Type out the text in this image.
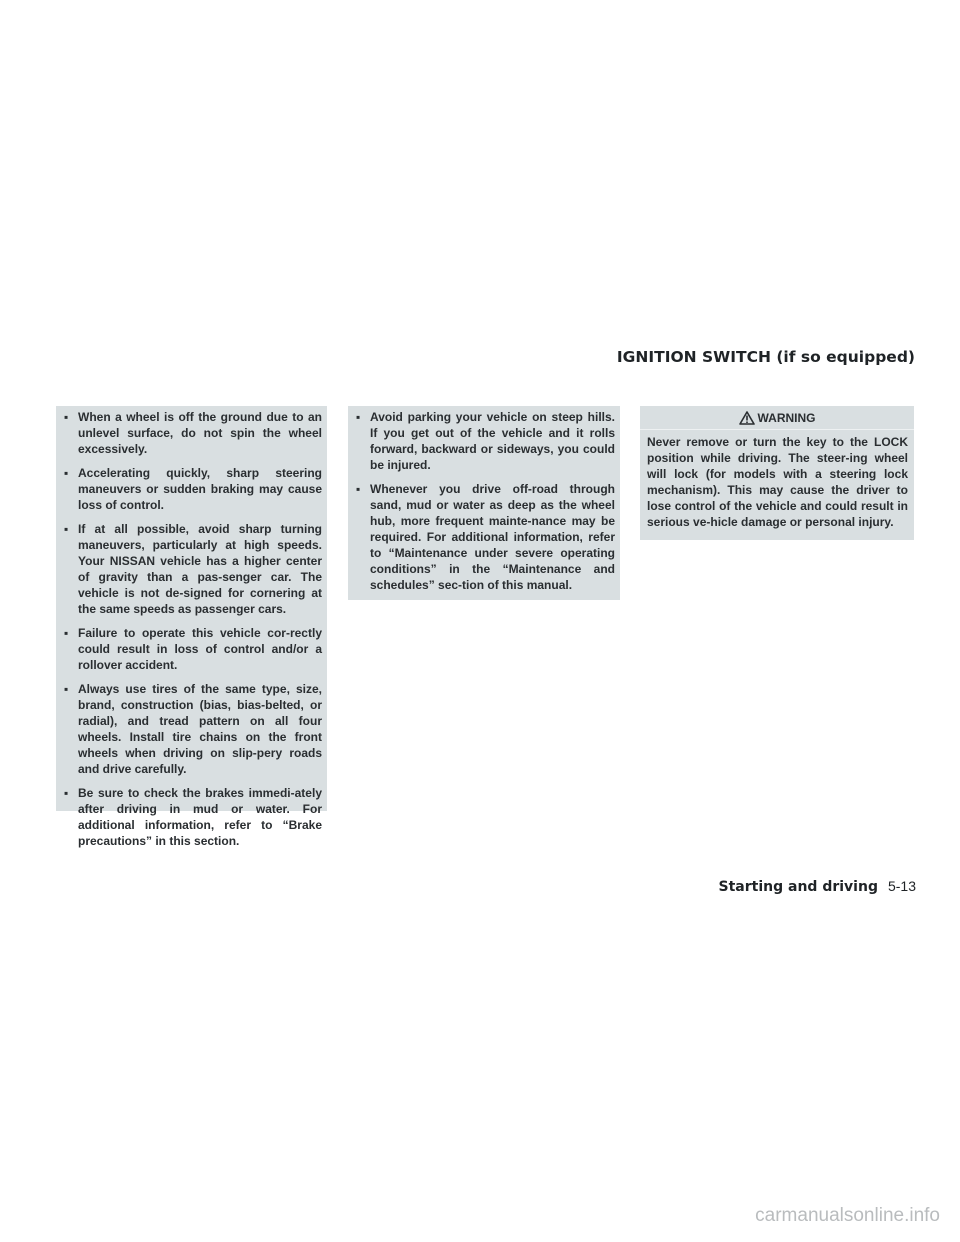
IGNITION SWITCH (if so equipped)
▪ When a wheel is off the ground due to an unlevel surface, do not spin the wheel excessively.
▪ Accelerating quickly, sharp steering maneuvers or sudden braking may cause loss of control.
▪ If at all possible, avoid sharp turning maneuvers, particularly at high speeds. Your NISSAN vehicle has a higher center of gravity than a pas-senger car. The vehicle is not de-signed for cornering at the same speeds as passenger cars.
▪ Failure to operate this vehicle cor-rectly could result in loss of control and/or a rollover accident.
▪ Always use tires of the same type, size, brand, construction (bias, bias-belted, or radial), and tread pattern on all four wheels. Install tire chains on the front wheels when driving on slip-pery roads and drive carefully.
▪ Be sure to check the brakes immedi-ately after driving in mud or water. For additional information, refer to “Brake precautions” in this section.
▪ Avoid parking your vehicle on steep hills. If you get out of the vehicle and it rolls forward, backward or sideways, you could be injured.
▪ Whenever you drive off-road through sand, mud or water as deep as the wheel hub, more frequent mainte-nance may be required. For additional information, refer to “Maintenance under severe operating conditions” in the “Maintenance and schedules” sec-tion of this manual.
WARNING
Never remove or turn the key to the LOCK position while driving. The steer-ing wheel will lock (for models with a steering lock mechanism). This may cause the driver to lose control of the vehicle and could result in serious ve-hicle damage or personal injury.
Starting and driving 5-13
carmanualsonline.info
